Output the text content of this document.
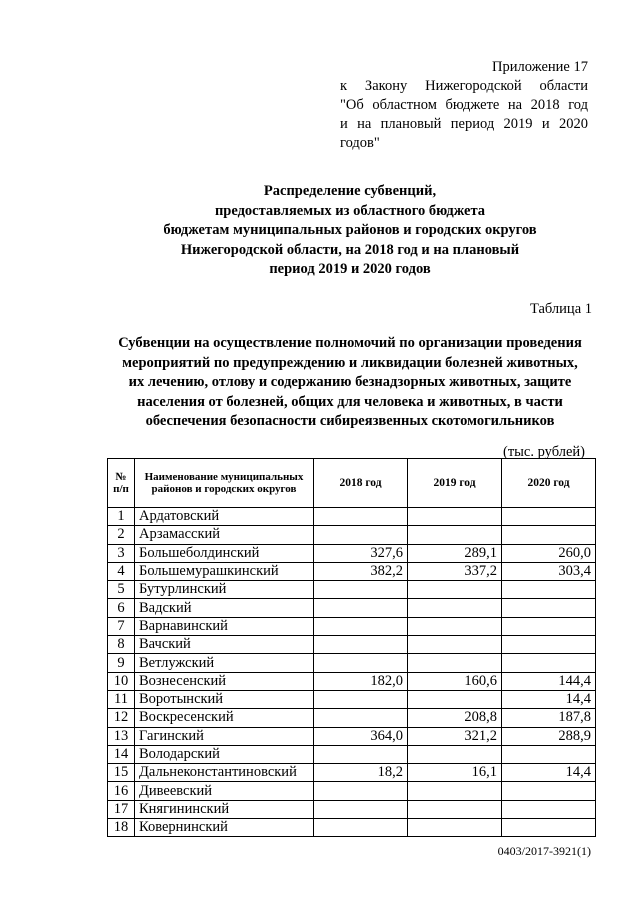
Приложение 17
к Закону Нижегородской области
"Об областном бюджете на 2018 год
и на плановый период 2019 и 2020
годов"
Распределение субвенций,
предоставляемых из областного бюджета
бюджетам муниципальных районов и городских округов
Нижегородской области, на 2018 год и на плановый
период 2019 и 2020 годов
Таблица 1
Субвенции на осуществление полномочий по организации проведения
мероприятий по предупреждению и ликвидации болезней животных,
их лечению, отлову и содержанию безнадзорных животных, защите
населения от болезней, общих для человека и животных, в части
обеспечения безопасности сибиреязвенных скотомогильников
(тыс. рублей)
№ п/п	Наименование муниципальных районов и городских округов	2018 год	2019 год	2020 год
1	Ардатовский			
2	Арзамасский			
3	Большеболдинский	327,6	289,1	260,0
4	Большемурашкинский	382,2	337,2	303,4
5	Бутурлинский			
6	Вадский			
7	Варнавинский			
8	Вачский			
9	Ветлужский			
10	Вознесенский	182,0	160,6	144,4
11	Воротынский			14,4
12	Воскресенский		208,8	187,8
13	Гагинский	364,0	321,2	288,9
14	Володарский			
15	Дальнеконстантиновский	18,2	16,1	14,4
16	Дивеевский			
17	Княгининский			
18	Ковернинский			
0403/2017-3921(1)
